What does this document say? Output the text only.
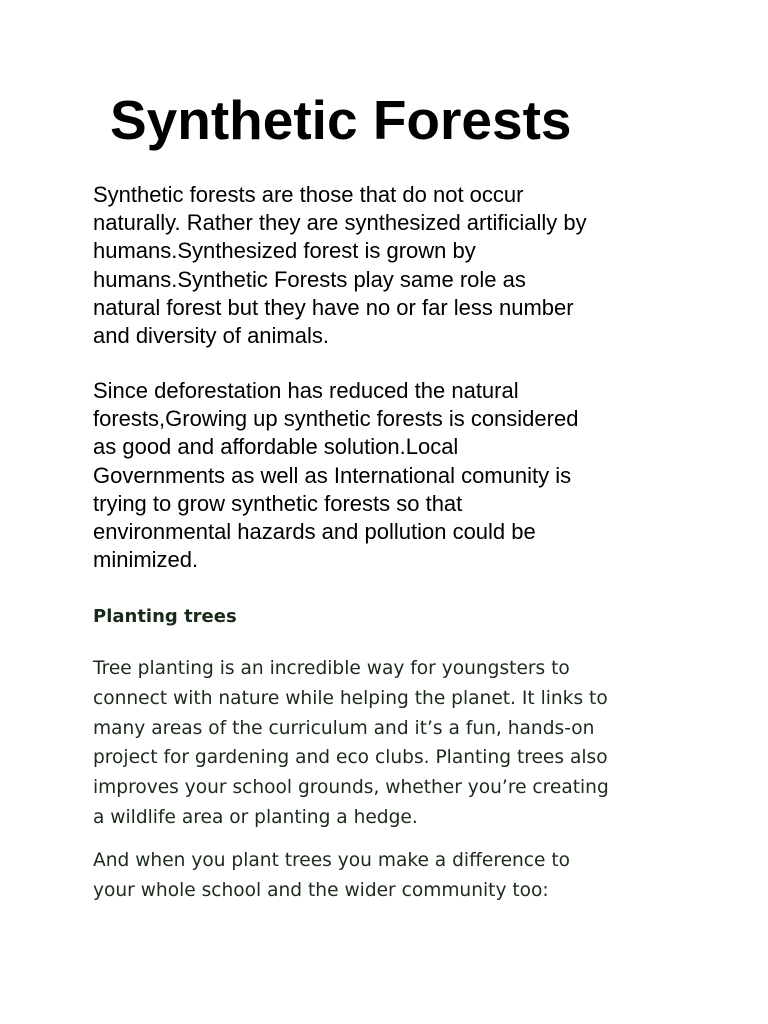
Synthetic Forests

Synthetic forests are those that do not occur
naturally. Rather they are synthesized artificially by
humans.Synthesized forest is grown by
humans.Synthetic Forests play same role as
natural forest but they have no or far less number
and diversity of animals.

Since deforestation has reduced the natural
forests,Growing up synthetic forests is considered
as good and affordable solution.Local
Governments as well as International comunity is
trying to grow synthetic forests so that
environmental hazards and pollution could be
minimized.

Planting trees

Tree planting is an incredible way for youngsters to
connect with nature while helping the planet. It links to
many areas of the curriculum and it’s a fun, hands-on
project for gardening and eco clubs. Planting trees also
improves your school grounds, whether you’re creating
a wildlife area or planting a hedge.

And when you plant trees you make a difference to
your whole school and the wider community too:
